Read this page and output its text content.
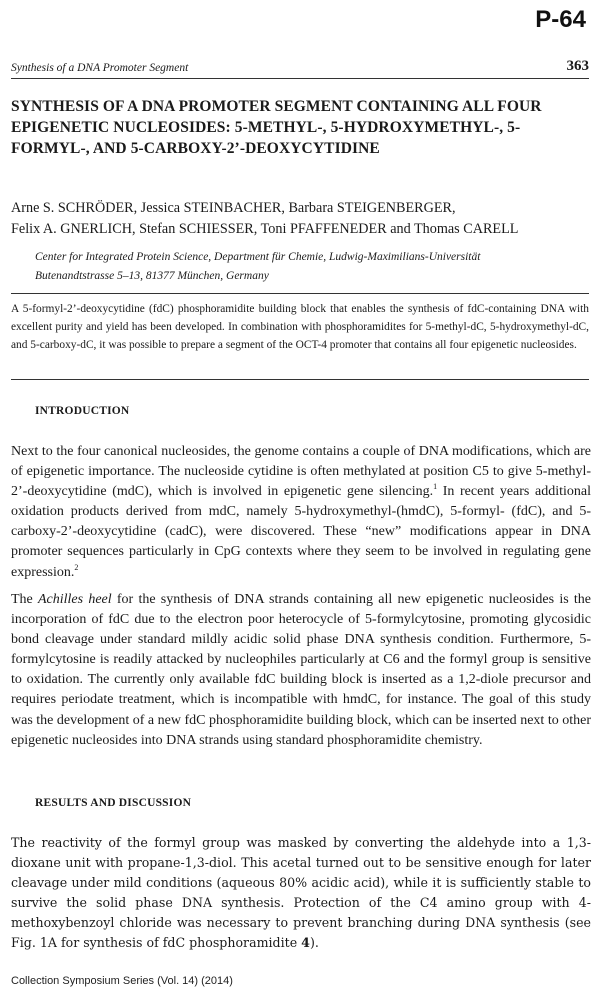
P-64
Synthesis of a DNA Promoter Segment	363
SYNTHESIS OF A DNA PROMOTER SEGMENT CONTAINING ALL FOUR EPIGENETIC NUCLEOSIDES: 5-METHYL-, 5-HYDROXYMETHYL-, 5-FORMYL-, AND 5-CARBOXY-2’-DEOXYCYTIDINE
Arne S. SCHRÖDER, Jessica STEINBACHER, Barbara STEIGENBERGER,
Felix A. GNERLICH, Stefan SCHIESSER, Toni PFAFFENEDER and Thomas CARELL
Center for Integrated Protein Science, Department für Chemie, Ludwig-Maximilians-Universität
Butenandtstrasse 5–13, 81377 München, Germany

A 5-formyl-2’-deoxycytidine (fdC) phosphoramidite building block that enables the synthesis of fdC-containing DNA with excellent purity and yield has been developed. In combination with phosphoramidites for 5-methyl-dC, 5-hydroxymethyl-dC, and 5-carboxy-dC, it was possible to prepare a segment of the OCT-4 promoter that contains all four epigenetic nucleosides.

INTRODUCTION

Next to the four canonical nucleosides, the genome contains a couple of DNA modifications, which are of epigenetic importance. The nucleoside cytidine is often methylated at position C5 to give 5-methyl-2’-deoxycytidine (mdC), which is involved in epigenetic gene silencing.$^1$ In recent years additional oxidation products derived from mdC, namely 5-hydroxymethyl-(hmdC), 5-formyl- (fdC), and 5-carboxy-2’-deoxycytidine (cadC), were discovered. These “new” modifications appear in DNA promoter sequences particularly in CpG contexts where they seem to be involved in regulating gene expression.$^2$

The Achilles heel for the synthesis of DNA strands containing all new epigenetic nucleosides is the incorporation of fdC due to the electron poor heterocycle of 5-formylcytosine, promoting glycosidic bond cleavage under standard mildly acidic solid phase DNA synthesis condition. Furthermore, 5-formylcytosine is readily attacked by nucleophiles particularly at C6 and the formyl group is sensitive to oxidation. The currently only available fdC building block is inserted as a 1,2-diole precursor and requires periodate treatment, which is incompatible with hmdC, for instance. The goal of this study was the development of a new fdC phosphoramidite building block, which can be inserted next to other epigenetic nucleosides into DNA strands using standard phosphoramidite chemistry.

RESULTS AND DISCUSSION

The reactivity of the formyl group was masked by converting the aldehyde into a 1,3-dioxane unit with propane-1,3-diol. This acetal turned out to be sensitive enough for later cleavage under mild conditions (aqueous 80% acidic acid), while it is sufficiently stable to survive the solid phase DNA synthesis. Protection of the C4 amino group with 4-methoxybenzoyl chloride was necessary to prevent branching during DNA synthesis (see Fig. 1A for synthesis of fdC phosphoramidite 4).

Collection Symposium Series (Vol. 14) (2014)
